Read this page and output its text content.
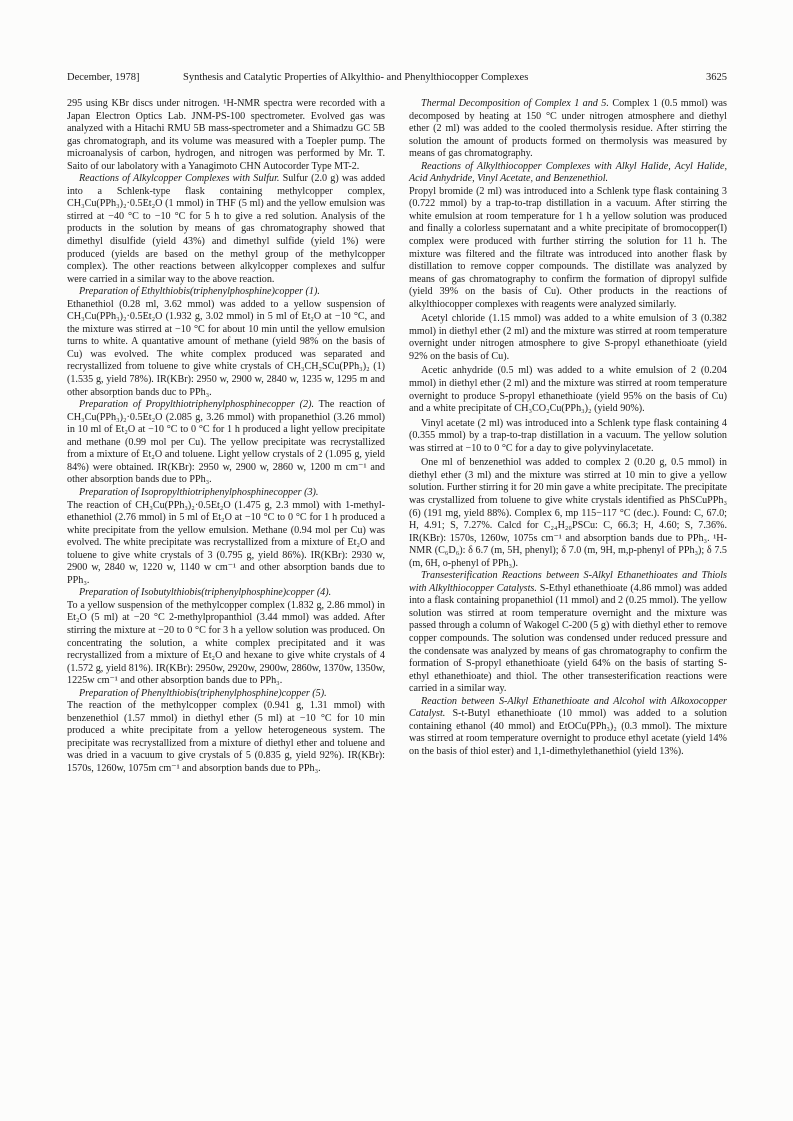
December, 1978]	Synthesis and Catalytic Properties of Alkylthio- and Phenylthiocopper Complexes	3625

295 using KBr discs under nitrogen. ¹H-NMR spectra were recorded with a Japan Electron Optics Lab. JNM-PS-100 spectrometer. Evolved gas was analyzed with a Hitachi RMU 5B mass-spectrometer and a Shimadzu GC 5B gas chromatograph, and its volume was measured with a Toepler pump. The microanalysis of carbon, hydrogen, and nitrogen was performed by Mr. T. Saito of our labolatory with a Yanagimoto CHN Autocorder Type MT-2.

Reactions of Alkylcopper Complexes with Sulfur. Sulfur (2.0 g) was added into a Schlenk-type flask containing methylcopper complex, CH₃Cu(PPh₃)₂·0.5Et₂O (1 mmol) in THF (5 ml) and the yellow emulsion was stirred at −40 °C to −10 °C for 5 h to give a red solution. Analysis of the products in the solution by means of gas chromatography showed that dimethyl disulfide (yield 43%) and dimethyl sulfide (yield 1%) were produced (yields are based on the methyl group of the methylcopper complex). The other reactions between alkylcopper complexes and sulfur were carried in a similar way to the above reaction.

Preparation of Ethylthiobis(triphenylphosphine)copper (1).

Ethanethiol (0.28 ml, 3.62 mmol) was added to a yellow suspension of CH₃Cu(PPh₃)₂·0.5Et₂O (1.932 g, 3.02 mmol) in 5 ml of Et₂O at −10 °C, and the mixture was stirred at −10 °C for about 10 min until the yellow emulsion turns to white. A quantative amount of methane (yield 98% on the basis of Cu) was evolved. The white complex produced was separated and recrystallized from toluene to give white crystals of CH₃CH₂SCu(PPh₃)₂ (1) (1.535 g, yield 78%). IR(KBr): 2950 w, 2900 w, 2840 w, 1235 w, 1295 m and other absorption bands duc to PPh₃.

Preparation of Propylthiotriphenylphosphinecopper (2). The reaction of CH₃Cu(PPh₃)₂·0.5Et₂O (2.085 g, 3.26 mmol) with propanethiol (3.26 mmol) in 10 ml of Et₂O at −10 °C to 0 °C for 1 h produced a light yellow precipitate and methane (0.99 mol per Cu). The yellow precipitate was recrystallized from a mixture of Et₂O and toluene. Light yellow crystals of 2 (1.095 g, yield 84%) were obtained. IR(KBr): 2950 w, 2900 w, 2860 w, 1200 m cm⁻¹ and other absorption bands due to PPh₃.

Preparation of Isopropylthiotriphenylphosphinecopper (3).

The reaction of CH₃Cu(PPh₃)₂·0.5Et₂O (1.475 g, 2.3 mmol) with 1-methyl-ethanethiol (2.76 mmol) in 5 ml of Et₂O at −10 °C to 0 °C for 1 h produced a white precipitate from the yellow emulsion. Methane (0.94 mol per Cu) was evolved. The white precipitate was recrystallized from a mixture of Et₂O and toluene to give white crystals of 3 (0.795 g, yield 86%). IR(KBr): 2930 w, 2900 w, 2840 w, 1220 w, 1140 w cm⁻¹ and other absorption bands due to PPh₃.

Preparation of Isobutylthiobis(triphenylphosphine)copper (4).

To a yellow suspension of the methylcopper complex (1.832 g, 2.86 mmol) in Et₂O (5 ml) at −20 °C 2-methylpropanthiol (3.44 mmol) was added. After stirring the mixture at −20 to 0 °C for 3 h a yellow solution was produced. On concentrating the solution, a white complex precipitated and it was recrystallized from a mixture of Et₂O and hexane to give white crystals of 4 (1.572 g, yield 81%). IR(KBr): 2950w, 2920w, 2900w, 2860w, 1370w, 1350w, 1225w cm⁻¹ and other absorption bands due to PPh₃.

Preparation of Phenylthiobis(triphenylphosphine)copper (5).

The reaction of the methylcopper complex (0.941 g, 1.31 mmol) with benzenethiol (1.57 mmol) in diethyl ether (5 ml) at −10 °C for 10 min produced a white precipitate from a yellow heterogeneous system. The precipitate was recrystallized from a mixture of diethyl ether and toluene and was dried in a vacuum to give crystals of 5 (0.835 g, yield 92%). IR(KBr): 1570s, 1260w, 1075m cm⁻¹ and absorption bands due to PPh₃.

Thermal Decomposition of Complex 1 and 5. Complex 1 (0.5 mmol) was decomposed by heating at 150 °C under nitrogen atmosphere and diethyl ether (2 ml) was added to the cooled thermolysis residue. After stirring the solution the amount of products formed on thermolysis was measured by means of gas chromatography.

Reactions of Alkylthiocopper Complexes with Alkyl Halide, Acyl Halide, Acid Anhydride, Vinyl Acetate, and Benzenethiol.

Propyl bromide (2 ml) was introduced into a Schlenk type flask containing 3 (0.722 mmol) by a trap-to-trap distillation in a vacuum. After stirring the white emulsion at room temperature for 1 h a yellow solution was produced and finally a colorless supernatant and a white precipitate of bromocopper(I) complex were produced with further stirring the solution for 11 h. The mixture was filtered and the filtrate was introduced into another flask by distillation to remove copper compounds. The distillate was analyzed by means of gas chromatography to confirm the formation of dipropyl sulfide (yield 39% on the basis of Cu). Other products in the reactions of alkylthiocopper complexes with reagents were analyzed similarly.

Acetyl chloride (1.15 mmol) was added to a white emulsion of 3 (0.382 mmol) in diethyl ether (2 ml) and the mixture was stirred at room temperature overnight under nitrogen atmosphere to give S-propyl ethanethioate (yield 92% on the basis of Cu).

Acetic anhydride (0.5 ml) was added to a white emulsion of 2 (0.204 mmol) in diethyl ether (2 ml) and the mixture was stirred at room temperature overnight to produce S-propyl ethanethioate (yield 95% on the basis of Cu) and a white precipitate of CH₃CO₂Cu(PPh₃)₂ (yield 90%).

Vinyl acetate (2 ml) was introduced into a Schlenk type flask containing 4 (0.355 mmol) by a trap-to-trap distillation in a vacuum. The yellow solution was stirred at −10 to 0 °C for a day to give polyvinylacetate.

One ml of benzenethiol was added to complex 2 (0.20 g, 0.5 mmol) in diethyl ether (3 ml) and the mixture was stirred at 10 min to give a yellow solution. Further stirring it for 20 min gave a white precipitate. The precipitate was crystallized from toluene to give white crystals identified as PhSCuPPh₃ (6) (191 mg, yield 88%). Complex 6, mp 115−117 °C (dec.). Found: C, 67.0; H, 4.91; S, 7.27%. Calcd for C₂₄H₂₀PSCu: C, 66.3; H, 4.60; S, 7.36%. IR(KBr): 1570s, 1260w, 1075s cm⁻¹ and absorption bands due to PPh₃. ¹H-NMR (C₆D₆): δ 6.7 (m, 5H, phenyl); δ 7.0 (m, 9H, m,p-phenyl of PPh₃); δ 7.5 (m, 6H, o-phenyl of PPh₃).

Transesterification Reactions between S-Alkyl Ethanethioates and Thiols with Alkylthiocopper Catalysts. S-Ethyl ethanethioate (4.86 mmol) was added into a flask containing propanethiol (11 mmol) and 2 (0.25 mmol). The yellow solution was stirred at room temperature overnight and the mixture was passed through a column of Wakogel C-200 (5 g) with diethyl ether to remove copper compounds. The solution was condensed under reduced pressure and the condensate was analyzed by means of gas chromatography to confirm the formation of S-propyl ethanethioate (yield 64% on the basis of starting S-ethyl ethanethioate) and thiol. The other transesterification reactions were carried in a similar way.

Reaction between S-Alkyl Ethanethioate and Alcohol with Alkoxocopper Catalyst. S-t-Butyl ethanethioate (10 mmol) was added to a solution containing ethanol (40 mmol) and EtOCu(PPh₃)₂ (0.3 mmol). The mixture was stirred at room temperature overnight to produce ethyl acetate (yield 14% on the basis of thiol ester) and 1,1-dimethylethanethiol (yield 13%).
